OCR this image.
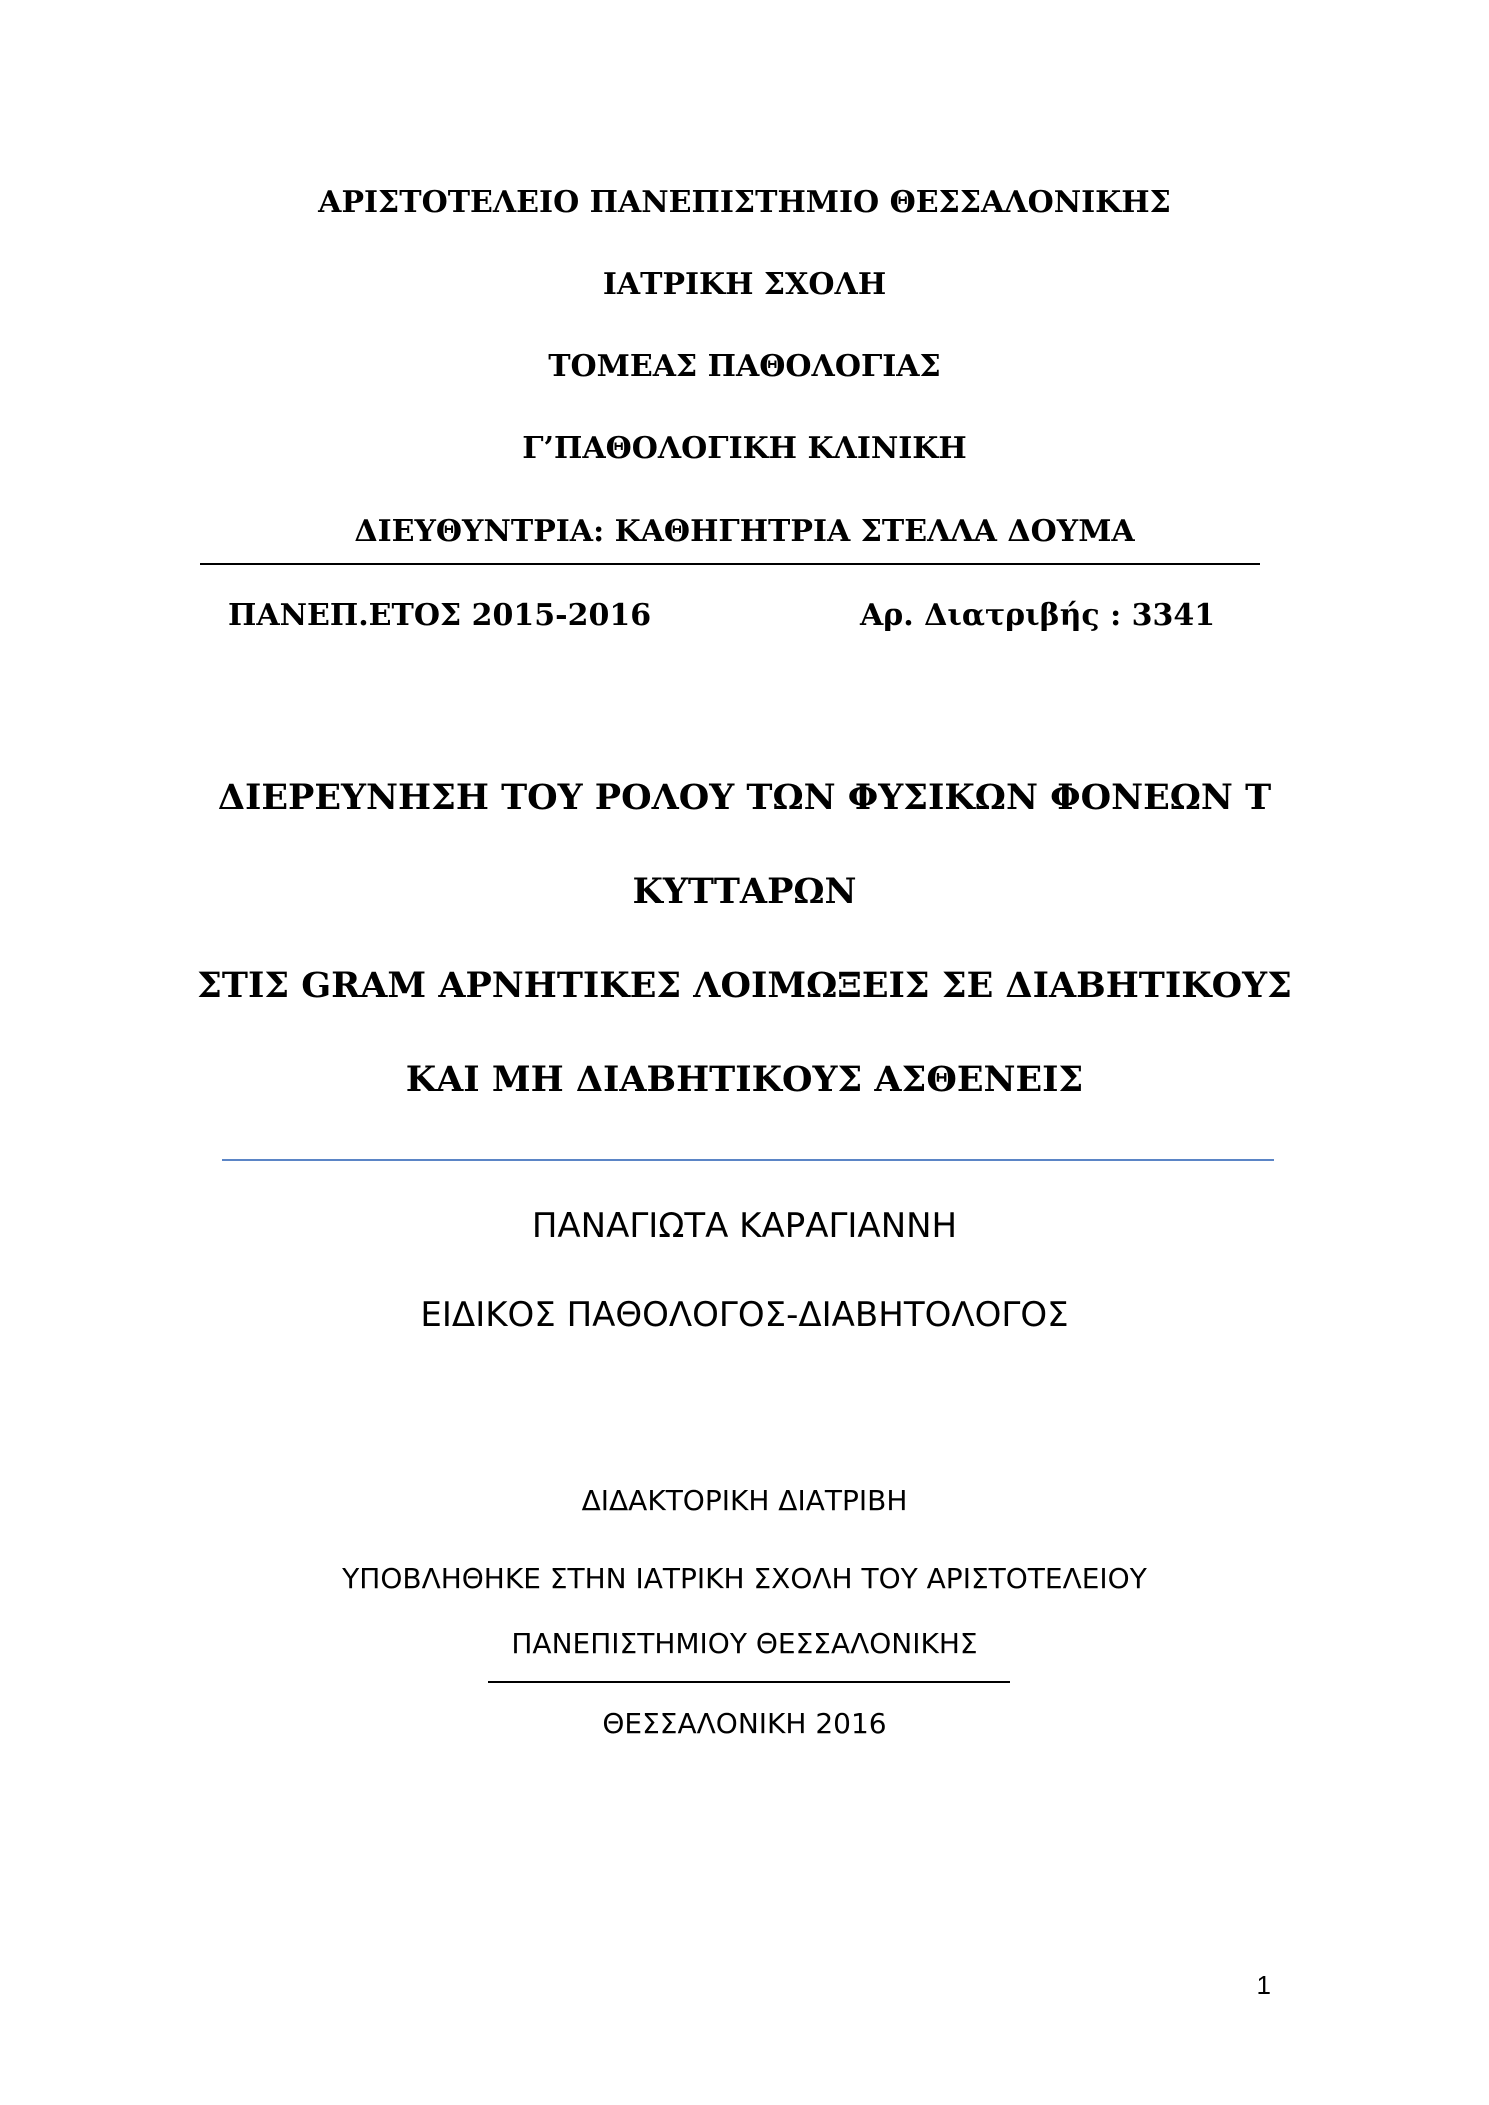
ΑΡΙΣΤΟΤΕΛΕΙΟ ΠΑΝΕΠΙΣΤΗΜΙΟ ΘΕΣΣΑΛΟΝΙΚΗΣ
ΙΑΤΡΙΚΗ ΣΧΟΛΗ
ΤΟΜΕΑΣ ΠΑΘΟΛΟΓΙΑΣ
Γ’ΠΑΘΟΛΟΓΙΚΗ ΚΛΙΝΙΚΗ
ΔΙΕΥΘΥΝΤΡΙΑ: ΚΑΘΗΓΗΤΡΙΑ ΣΤΕΛΛΑ ΔΟΥΜΑ
ΠΑΝΕΠ.ΕΤΟΣ 2015-2016	Αρ. Διατριβής : 3341
ΔΙΕΡΕΥΝΗΣΗ ΤΟΥ ΡΟΛΟΥ ΤΩΝ ΦΥΣΙΚΩΝ ΦΟΝΕΩΝ Τ
ΚΥΤΤΑΡΩΝ
ΣΤΙΣ GRAM ΑΡΝΗΤΙΚΕΣ ΛΟΙΜΩΞΕΙΣ ΣΕ ΔΙΑΒΗΤΙΚΟΥΣ
ΚΑΙ ΜΗ ΔΙΑΒΗΤΙΚΟΥΣ ΑΣΘΕΝΕΙΣ
ΠΑΝΑΓΙΩΤΑ ΚΑΡΑΓΙΑΝΝΗ
ΕΙΔΙΚΟΣ ΠΑΘΟΛΟΓΟΣ-ΔΙΑΒΗΤΟΛΟΓΟΣ
ΔΙΔΑΚΤΟΡΙΚΗ ΔΙΑΤΡΙΒΗ
ΥΠΟΒΛΗΘΗΚΕ ΣΤΗΝ ΙΑΤΡΙΚΗ ΣΧΟΛΗ ΤΟΥ ΑΡΙΣΤΟΤΕΛΕΙΟΥ
ΠΑΝΕΠΙΣΤΗΜΙΟΥ ΘΕΣΣΑΛΟΝΙΚΗΣ
ΘΕΣΣΑΛΟΝΙΚΗ 2016
1
